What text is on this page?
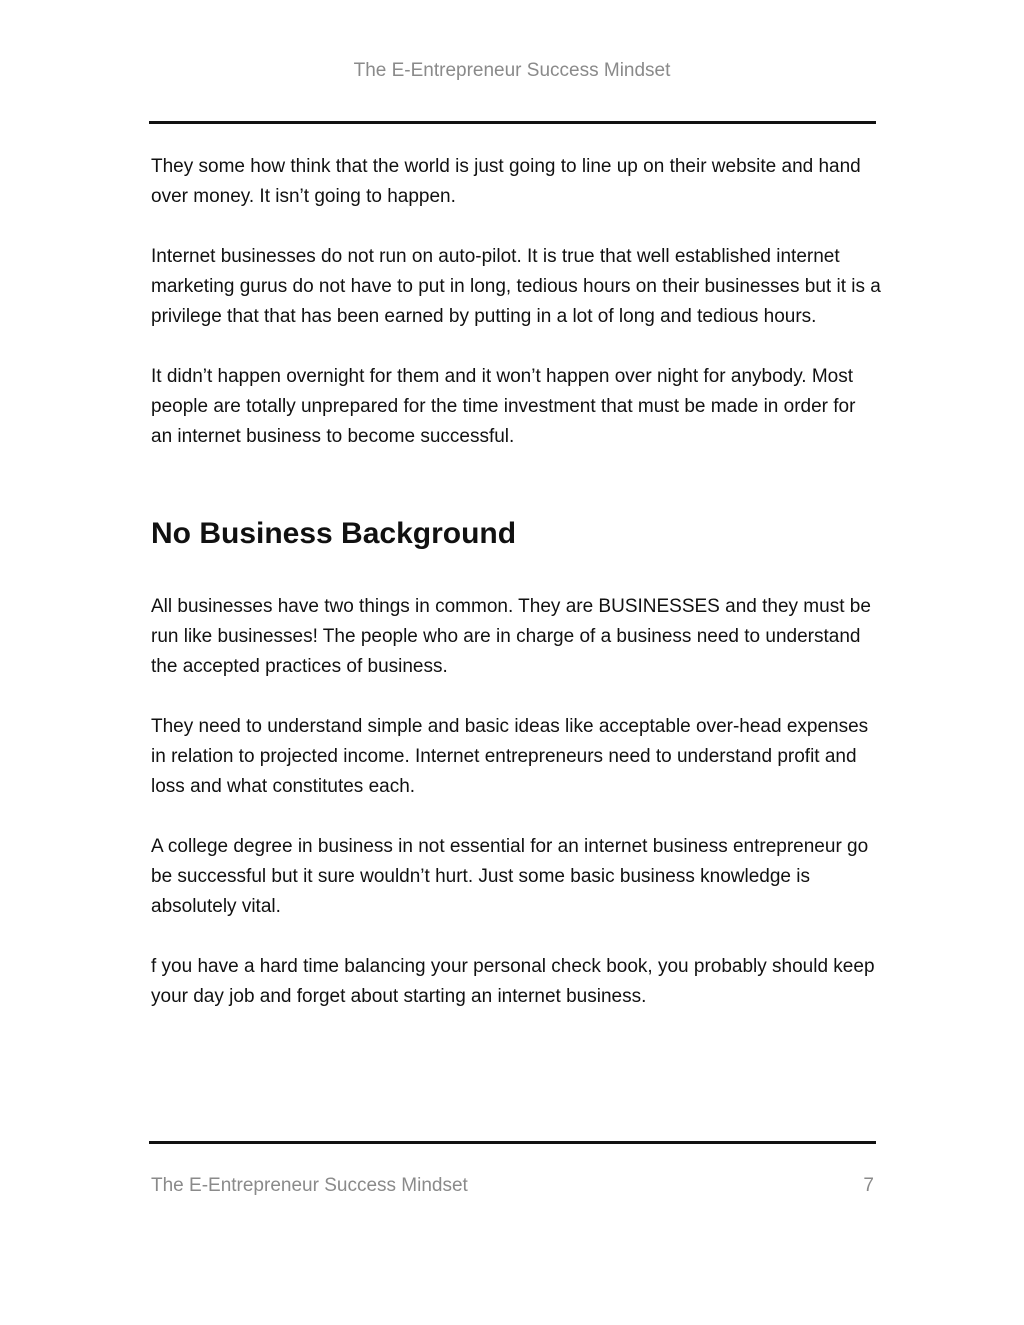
The E-Entrepreneur Success Mindset

They some how think that the world is just going to line up on their website and hand over money. It isn’t going to happen.

Internet businesses do not run on auto-pilot. It is true that well established internet marketing gurus do not have to put in long, tedious hours on their businesses but it is a privilege that that has been earned by putting in a lot of long and tedious hours.

It didn’t happen overnight for them and it won’t happen over night for anybody. Most people are totally unprepared for the time investment that must be made in order for an internet business to become successful.

No Business Background

All businesses have two things in common. They are BUSINESSES and they must be run like businesses! The people who are in charge of a business need to understand the accepted practices of business.

They need to understand simple and basic ideas like acceptable over-head expenses in relation to projected income. Internet entrepreneurs need to understand profit and loss and what constitutes each.

A college degree in business in not essential for an internet business entrepreneur go be successful but it sure wouldn’t hurt. Just some basic business knowledge is absolutely vital.

f you have a hard time balancing your personal check book, you probably should keep your day job and forget about starting an internet business.

The E-Entrepreneur Success Mindset	7
